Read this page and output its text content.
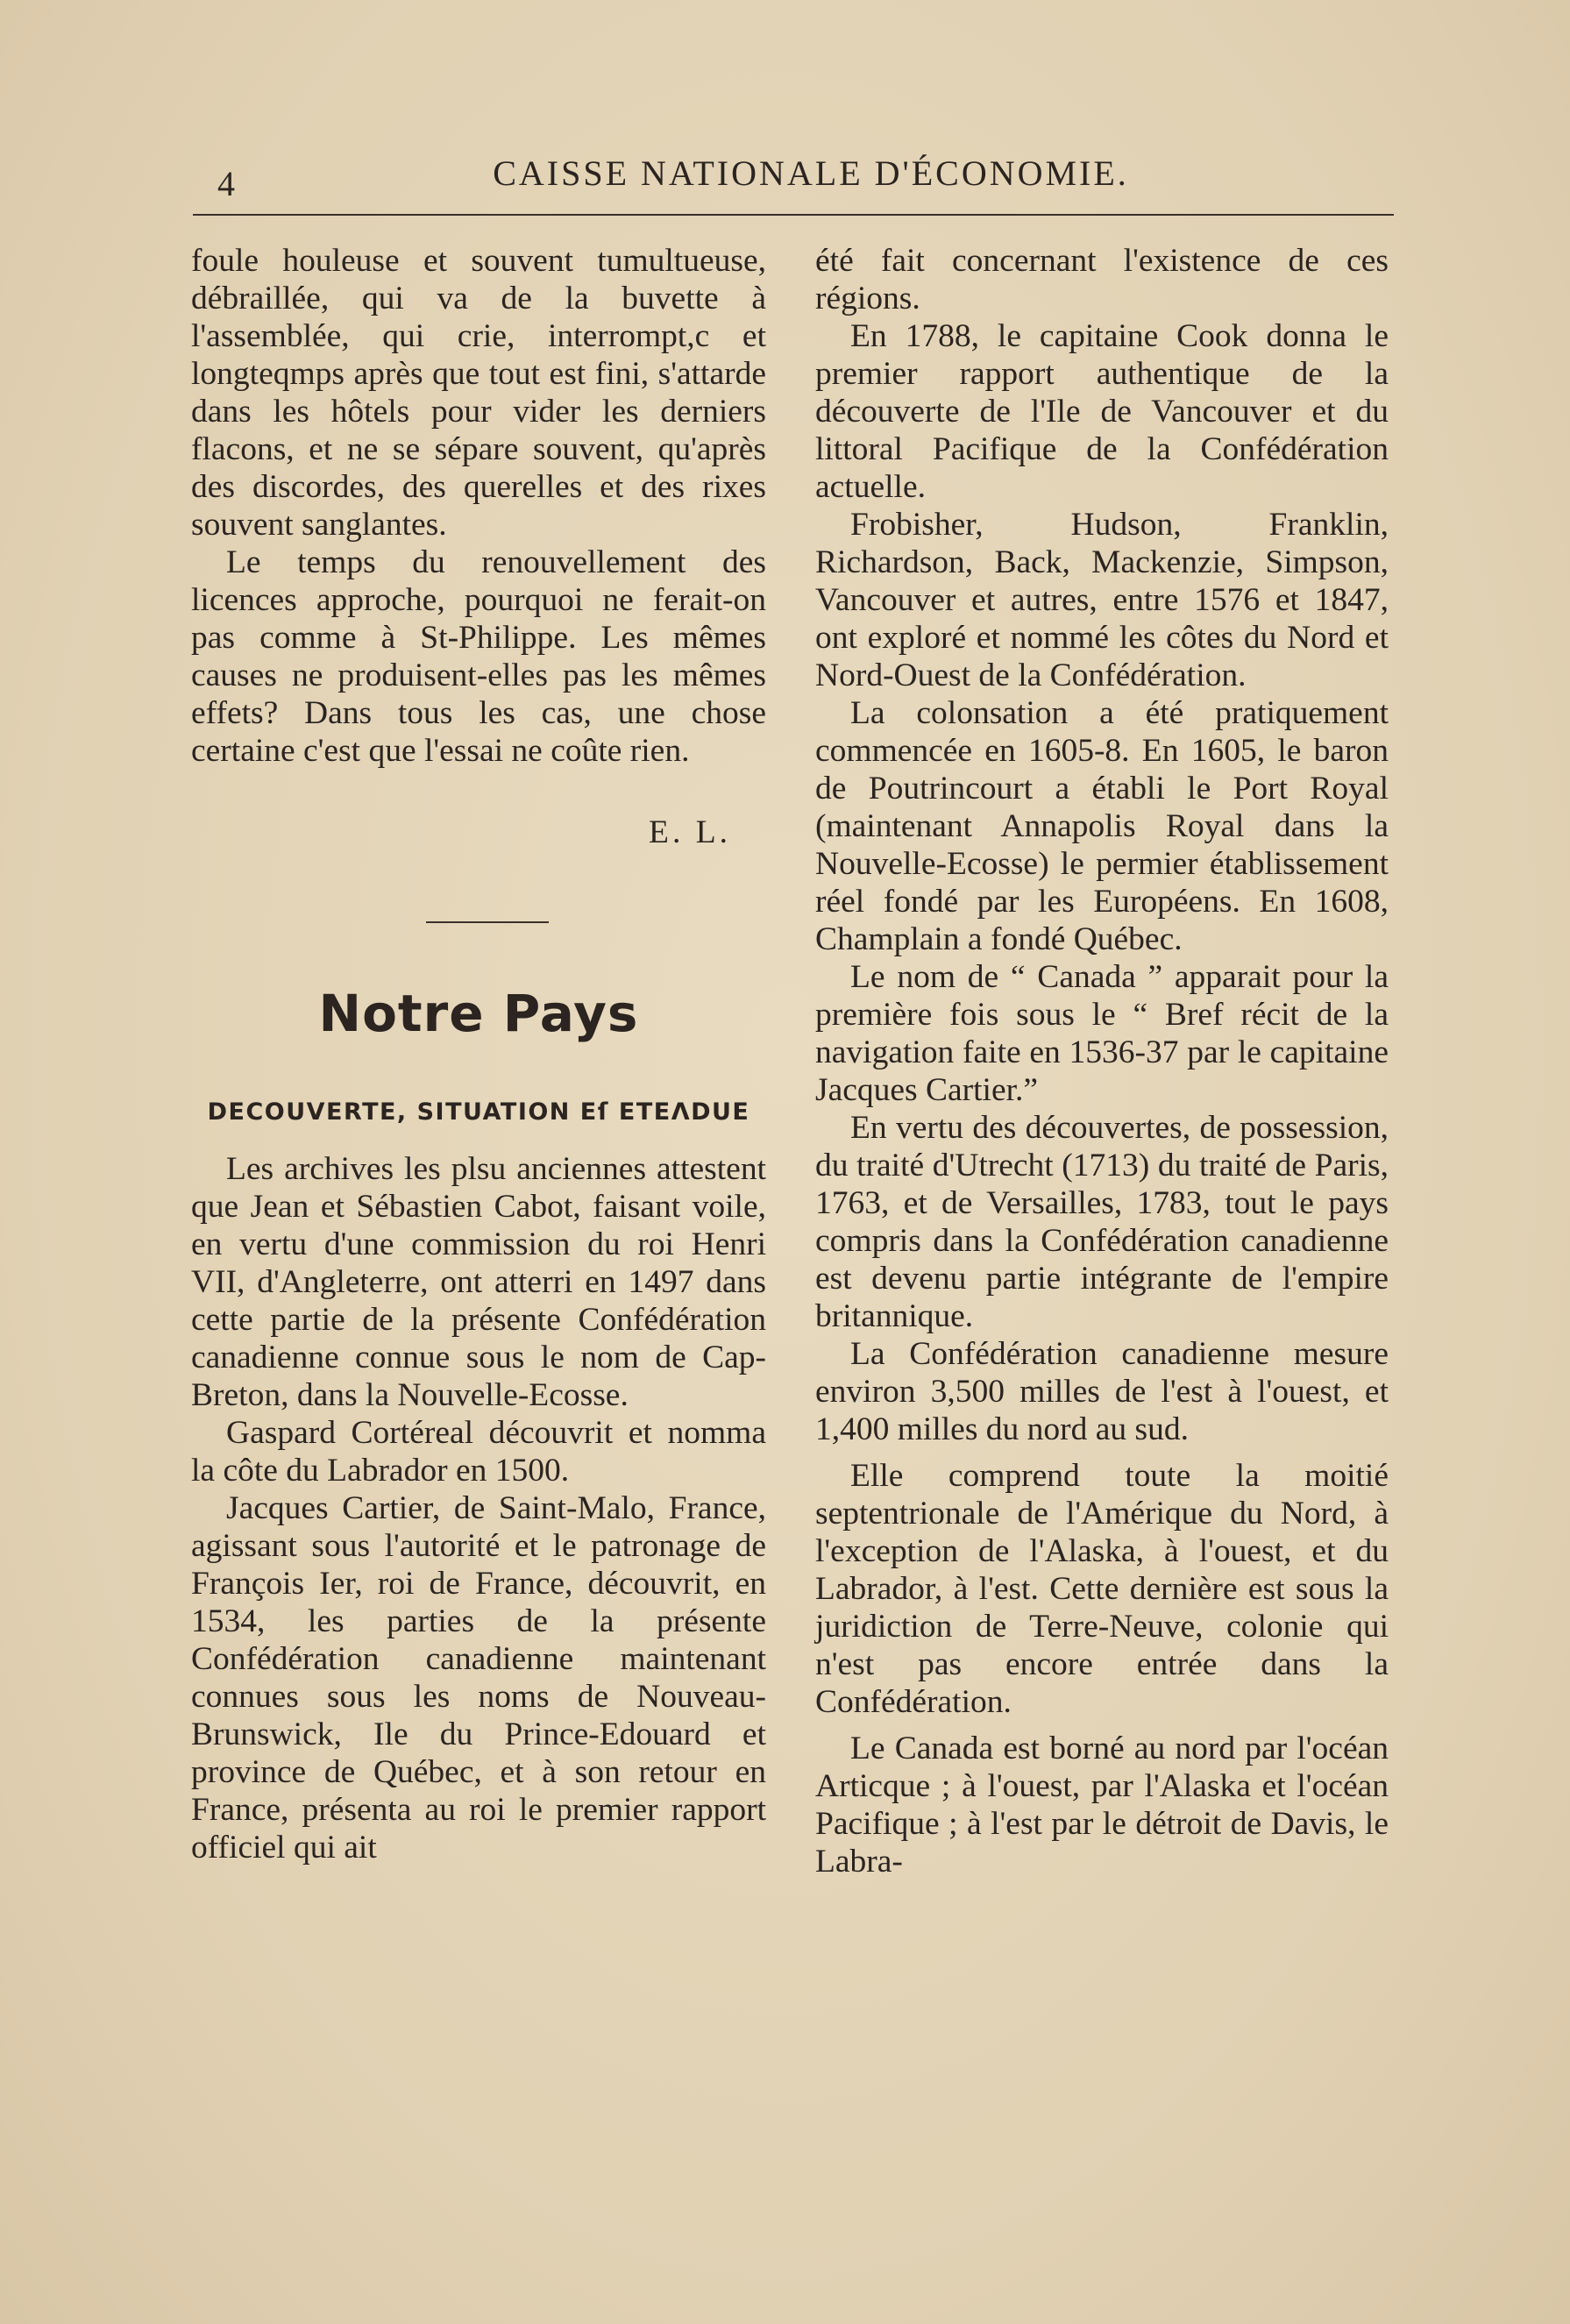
4	CAISSE NATIONALE D'ÉCONOMIE.

foule houleuse et souvent tumultueuse, débraillée, qui va de la buvette à l'assemblée, qui crie, interrompt,c et longteqmps après que tout est fini, s'attarde dans les hôtels pour vider les derniers flacons, et ne se sépare souvent, qu'après des discordes, des querelles et des rixes souvent sanglantes.

Le temps du renouvellement des licences approche, pourquoi ne ferait-on pas comme à St-Philippe. Les mêmes causes ne produisent-elles pas les mêmes effets? Dans tous les cas, une chose certaine c'est que l'essai ne coûte rien.

E. L.

Notre Pays
DECOUVERTE, SITUATION Eſ ETEɅDUE

Les archives les plsu anciennes attestent que Jean et Sébastien Cabot, faisant voile, en vertu d'une commission du roi Henri VII, d'Angleterre, ont atterri en 1497 dans cette partie de la présente Confédération canadienne connue sous le nom de Cap-Breton, dans la Nouvelle-Ecosse.

Gaspard Cortéreal découvrit et nomma la côte du Labrador en 1500.

Jacques Cartier, de Saint-Malo, France, agissant sous l'autorité et le patronage de François Ier, roi de France, découvrit, en 1534, les parties de la présente Confédération canadienne maintenant connues sous les noms de Nouveau-Brunswick, Ile du Prince-Edouard et province de Québec, et à son retour en France, présenta au roi le premier rapport officiel qui ait

été fait concernant l'existence de ces régions.

En 1788, le capitaine Cook donna le premier rapport authentique de la découverte de l'Ile de Vancouver et du littoral Pacifique de la Confédération actuelle.

Frobisher, Hudson, Franklin, Richardson, Back, Mackenzie, Simpson, Vancouver et autres, entre 1576 et 1847, ont exploré et nommé les côtes du Nord et Nord-Ouest de la Confédération.

La colonsation a été pratiquement commencée en 1605-8. En 1605, le baron de Poutrincourt a établi le Port Royal (maintenant Annapolis Royal dans la Nouvelle-Ecosse) le permier établissement réel fondé par les Européens. En 1608, Champlain a fondé Québec.

Le nom de “ Canada ” apparait pour la première fois sous le “ Bref récit de la navigation faite en 1536-37 par le capitaine Jacques Cartier.”

En vertu des découvertes, de possession, du traité d'Utrecht (1713) du traité de Paris, 1763, et de Versailles, 1783, tout le pays compris dans la Confédération canadienne est devenu partie intégrante de l'empire britannique.

La Confédération canadienne mesure environ 3,500 milles de l'est à l'ouest, et 1,400 milles du nord au sud.

Elle comprend toute la moitié septentrionale de l'Amérique du Nord, à l'exception de l'Alaska, à l'ouest, et du Labrador, à l'est. Cette dernière est sous la juridiction de Terre-Neuve, colonie qui n'est pas encore entrée dans la Confédération.

Le Canada est borné au nord par l'océan Articque ; à l'ouest, par l'Alaska et l'océan Pacifique ; à l'est par le détroit de Davis, le Labra-
